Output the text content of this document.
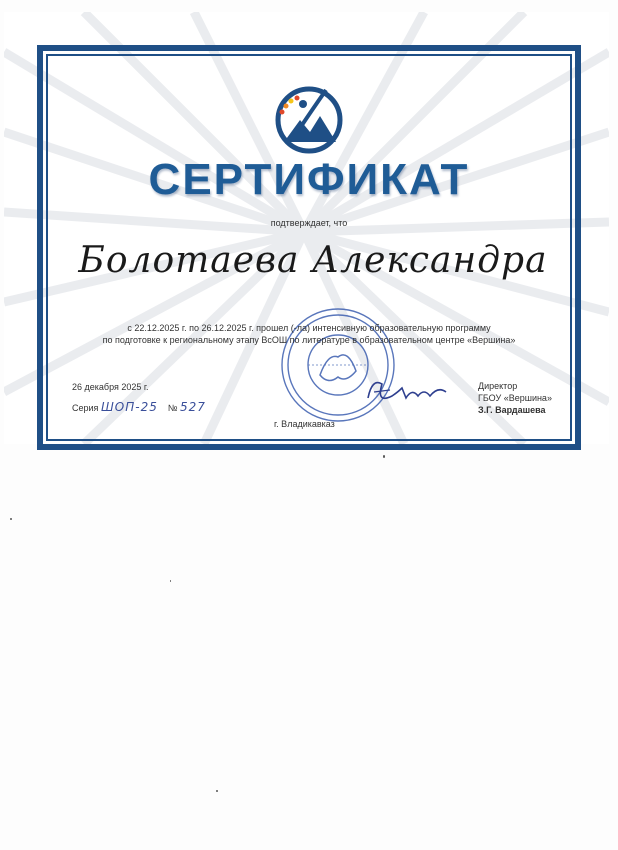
СЕРТИФИКАТ
подтверждает, что
Болотаева Александра
с 22.12.2025 г. по 26.12.2025 г. прошел (-ла) интенсивную образовательную программу
по подготовке к региональному этапу ВсОШ по литературе в образовательном центре «Вершина»
26 декабря 2025 г.
Серия ШОП-25 № 527
г. Владикавказ
Директор
ГБОУ «Вершина»
З.Г. Вардашева
